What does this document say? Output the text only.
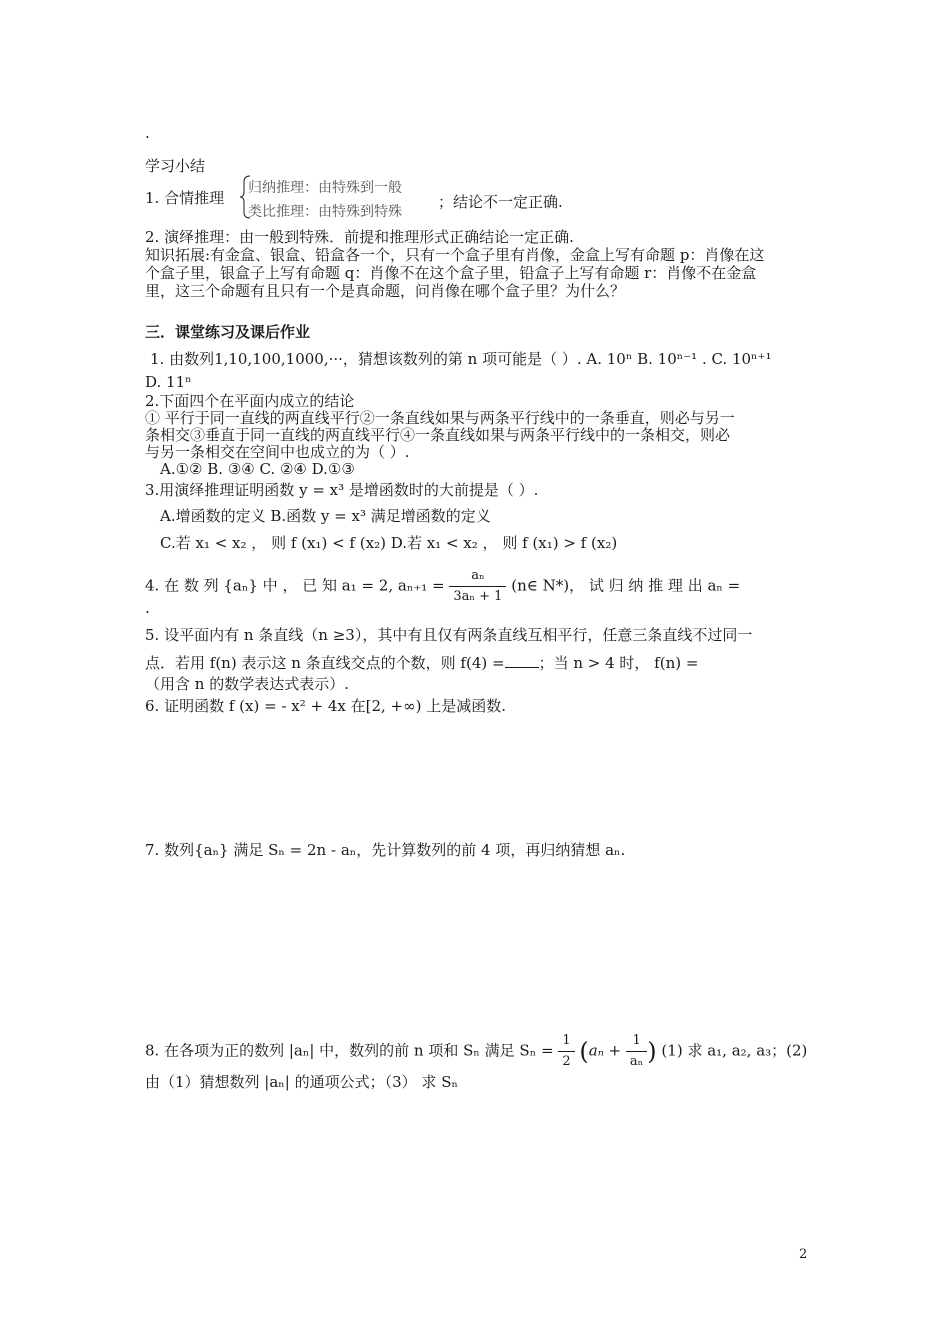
.
学习小结
1. 合情推理
归纳推理：由特殊到一般
类比推理：由特殊到特殊
；结论不一定正确.
2. 演绎推理：由一般到特殊．前提和推理形式正确结论一定正确.
知识拓展:有金盒、银盒、铅盒各一个，只有一个盒子里有肖像，金盒上写有命题 p：肖像在这
个盒子里，银盒子上写有命题 q：肖像不在这个盒子里，铅盒子上写有命题 r：肖像不在金盒
里，这三个命题有且只有一个是真命题，问肖像在哪个盒子里？为什么？
三．课堂练习及课后作业
1. 由数列1,10,100,1000,···，猜想该数列的第 n 项可能是（ ）. A. 10ⁿ B. 10ⁿ⁻¹ . C. 10ⁿ⁺¹
D. 11ⁿ
2.下面四个在平面内成立的结论
① 平行于同一直线的两直线平行②一条直线如果与两条平行线中的一条垂直，则必与另一
条相交③垂直于同一直线的两直线平行④一条直线如果与两条平行线中的一条相交，则必
与另一条相交在空间中也成立的为（ ）.
A.①② B. ③④ C. ②④ D.①③
3.用演绎推理证明函数 y = x³ 是增函数时的大前提是（ ）.
A.增函数的定义 B.函数 y = x³ 满足增函数的定义
C.若 x₁ < x₂ ， 则 f (x₁) < f (x₂) D.若 x₁ < x₂ ， 则 f (x₁) > f (x₂)
4. 在 数 列 {aₙ} 中 ， 已 知 a₁ = 2, $a_{n+1} = \frac{\text{aₙ}}{\text{3aₙ + 1}}$ (n∈ N*)， 试 归 纳 推 理 出 aₙ =
.
5. 设平面内有 n 条直线（n ≥3），其中有且仅有两条直线互相平行，任意三条直线不过同一
点．若用 f(n) 表示这 n 条直线交点的个数，则 f(4) = ；当 n > 4 时， f(n) =
（用含 n 的数学表达式表示）.
6. 证明函数 f (x) = - x² + 4x 在[2, +∞) 上是减函数.
7. 数列{aₙ} 满足 Sₙ = 2n - aₙ，先计算数列的前 4 项，再归纳猜想 aₙ.
8. 在各项为正的数列 |aₙ| 中，数列的前 n 项和 Sₙ 满足 $S_n = \frac{1}{2} (a_n + \frac{1}{\text{aₙ}}$ ) (1) 求 a₁, a₂, a₃；(2)
由（1）猜想数列 |aₙ| 的通项公式；（3） 求 Sₙ
2
